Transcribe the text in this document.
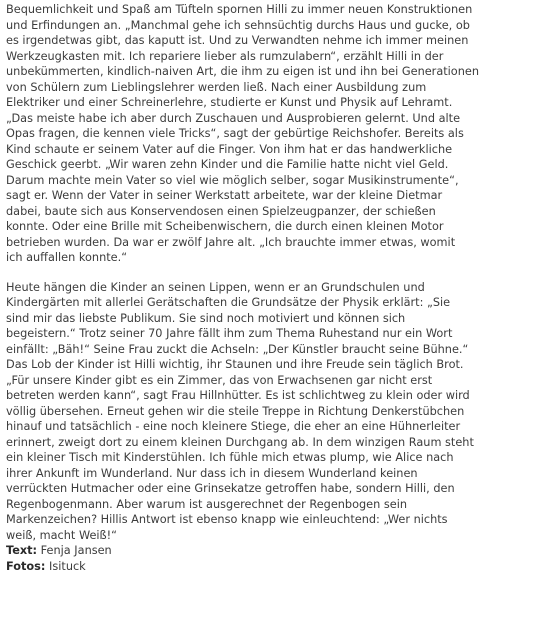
Bequemlichkeit und Spaß am Tüfteln spornen Hilli zu immer neuen Konstruktionen
und Erfindungen an. „Manchmal gehe ich sehnsüchtig durchs Haus und gucke, ob
es irgendetwas gibt, das kaputt ist. Und zu Verwandten nehme ich immer meinen
Werkzeugkasten mit. Ich repariere lieber als rumzulabern“, erzählt Hilli in der
unbekümmerten, kindlich-naiven Art, die ihm zu eigen ist und ihn bei Generationen
von Schülern zum Lieblingslehrer werden ließ. Nach einer Ausbildung zum
Elektriker und einer Schreinerlehre, studierte er Kunst und Physik auf Lehramt.
„Das meiste habe ich aber durch Zuschauen und Ausprobieren gelernt. Und alte
Opas fragen, die kennen viele Tricks“, sagt der gebürtige Reichshofer. Bereits als
Kind schaute er seinem Vater auf die Finger. Von ihm hat er das handwerkliche
Geschick geerbt. „Wir waren zehn Kinder und die Familie hatte nicht viel Geld.
Darum machte mein Vater so viel wie möglich selber, sogar Musikinstrumente“,
sagt er. Wenn der Vater in seiner Werkstatt arbeitete, war der kleine Dietmar
dabei, baute sich aus Konservendosen einen Spielzeugpanzer, der schießen
konnte. Oder eine Brille mit Scheibenwischern, die durch einen kleinen Motor
betrieben wurden. Da war er zwölf Jahre alt. „Ich brauchte immer etwas, womit
ich auffallen konnte.“

Heute hängen die Kinder an seinen Lippen, wenn er an Grundschulen und
Kindergärten mit allerlei Gerätschaften die Grundsätze der Physik erklärt: „Sie
sind mir das liebste Publikum. Sie sind noch motiviert und können sich
begeistern.“ Trotz seiner 70 Jahre fällt ihm zum Thema Ruhestand nur ein Wort
einfällt: „Bäh!“ Seine Frau zuckt die Achseln: „Der Künstler braucht seine Bühne.“
Das Lob der Kinder ist Hilli wichtig, ihr Staunen und ihre Freude sein täglich Brot.
„Für unsere Kinder gibt es ein Zimmer, das von Erwachsenen gar nicht erst
betreten werden kann“, sagt Frau Hillnhütter. Es ist schlichtweg zu klein oder wird
völlig übersehen. Erneut gehen wir die steile Treppe in Richtung Denkerstübchen
hinauf und tatsächlich - eine noch kleinere Stiege, die eher an eine Hühnerleiter
erinnert, zweigt dort zu einem kleinen Durchgang ab. In dem winzigen Raum steht
ein kleiner Tisch mit Kinderstühlen. Ich fühle mich etwas plump, wie Alice nach
ihrer Ankunft im Wunderland. Nur dass ich in diesem Wunderland keinen
verrückten Hutmacher oder eine Grinsekatze getroffen habe, sondern Hilli, den
Regenbogenmann. Aber warum ist ausgerechnet der Regenbogen sein
Markenzeichen? Hillis Antwort ist ebenso knapp wie einleuchtend: „Wer nichts
weiß, macht Weiß!“

Text: Fenja Jansen
Fotos: Isituck
